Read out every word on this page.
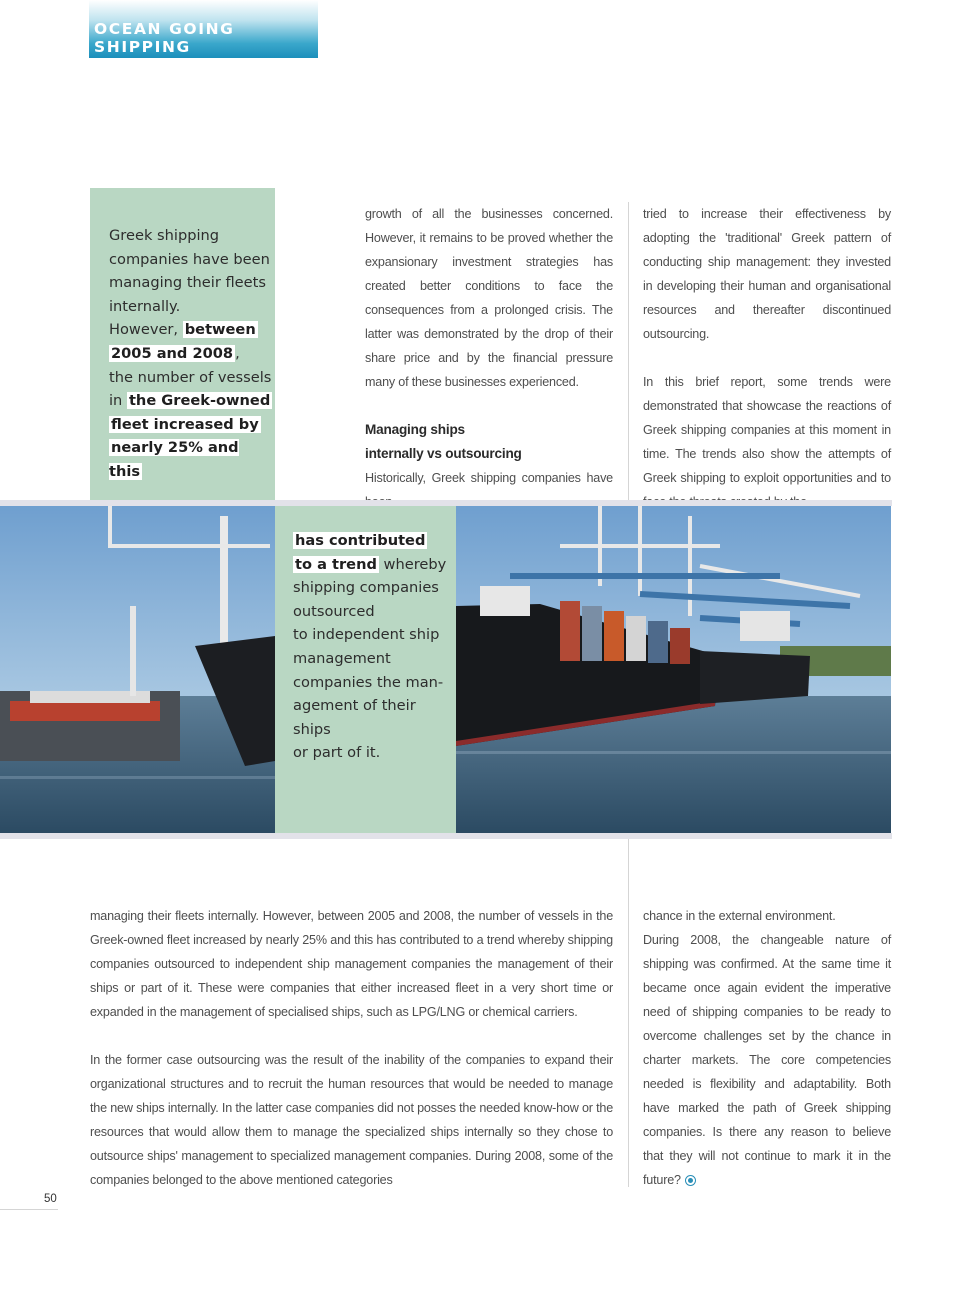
OCEAN GOING SHIPPING
Greek shipping
companies have been
managing their fleets
internally.
However, between
2005 and 2008 ,
the number of vessels
in the Greek-owned
fleet increased by
nearly 25% and this

growth of all the businesses concerned. However, it remains to be proved whether the expansionary investment strategies has created better conditions to face the consequences from a prolonged crisis. The latter was demonstrated by the drop of their share price and by the financial pressure many of these businesses experienced.

Managing ships
internally vs outsourcing

Historically, Greek shipping companies have

tried to increase their effectiveness by adopting the 'traditional' Greek pattern of conducting ship management: they invested in developing their human and organisational resources and thereafter discontinued outsourcing.

In this brief report, some trends were demonstrated that showcase the reactions of Greek shipping companies at this moment in time. The trends also show the attempts of Greek shipping to exploit opportunities and to

has contributed
to a trend whereby
shipping companies
outsourced
to independent ship
management
companies the man-
agement of their ships
or part of it.

managing their fleets internally. However, between 2005 and 2008, the number of vessels in the Greek-owned fleet increased by nearly 25% and this has contributed to a trend whereby shipping companies outsourced to independent ship management companies the management of their ships or part of it. These were companies that either increased fleet in a very short time or expanded in the management of specialised ships, such as LPG/LNG or chemical carriers.

In the former case outsourcing was the result of the inability of the companies to expand their organizational structures and to recruit the human resources that would be needed to manage the new ships internally. In the latter case companies did not posses the needed know-how or the resources that would allow them to manage the specialized ships internally so they chose to outsource ships' management to specialized management companies. During 2008, some of the companies belonged to the above mentioned categories

chance in the external environment.

During 2008, the changeable nature of shipping was confirmed. At the same time it became once again evident the imperative need of shipping companies to be ready to overcome challenges set by the chance in charter markets. The core competencies needed is flexibility and adaptability. Both have marked the path of Greek shipping companies. Is there any reason to believe that they will not continue to mark it in the future?

50
